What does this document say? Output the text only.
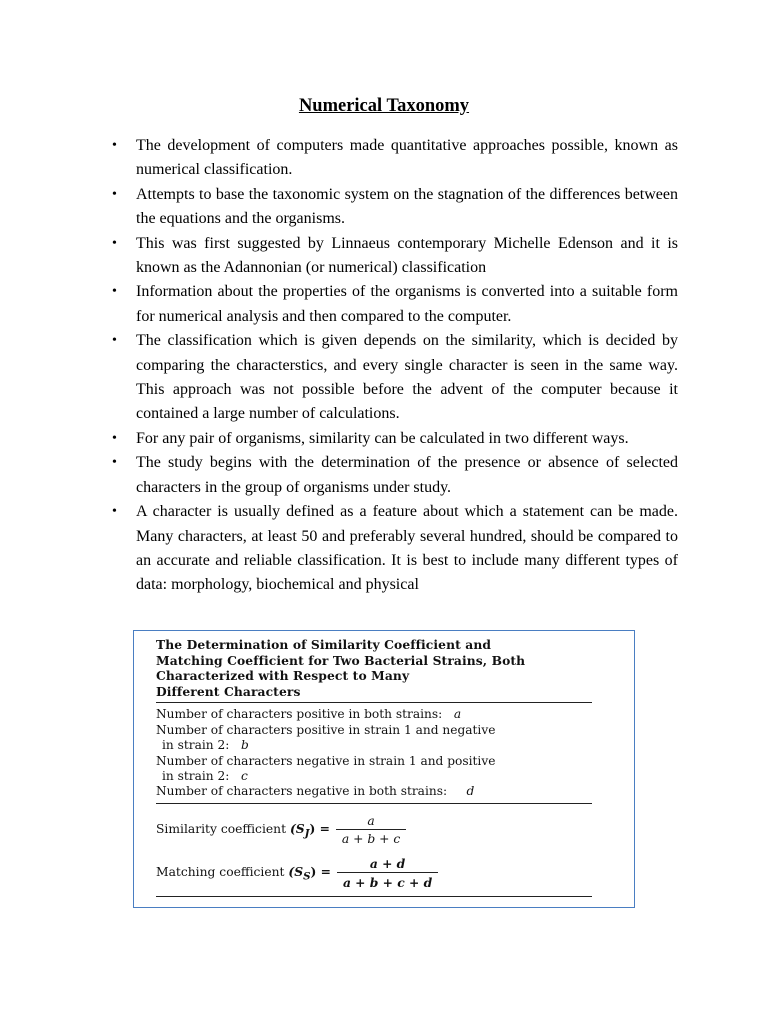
Numerical Taxonomy
• The development of computers made quantitative approaches possible, known as numerical classification.
• Attempts to base the taxonomic system on the stagnation of the differences between the equations and the organisms.
• This was first suggested by Linnaeus contemporary Michelle Edenson and it is known as the Adannonian (or numerical) classification
• Information about the properties of the organisms is converted into a suitable form for numerical analysis and then compared to the computer.
• The classification which is given depends on the similarity, which is decided by comparing the characterstics, and every single character is seen in the same way. This approach was not possible before the advent of the computer because it contained a large number of calculations.
• For any pair of organisms, similarity can be calculated in two different ways.
• The study begins with the determination of the presence or absence of selected characters in the group of organisms under study.
• A character is usually defined as a feature about which a statement can be made. Many characters, at least 50 and preferably several hundred, should be compared to an accurate and reliable classification. It is best to include many different types of data: morphology, biochemical and physical
The Determination of Similarity Coefficient and
Matching Coefficient for Two Bacterial Strains, Both
Characterized with Respect to Many
Different Characters
Number of characters positive in both strains: a
Number of characters positive in strain 1 and negative
in strain 2: b
Number of characters negative in strain 1 and positive
in strain 2: c
Number of characters negative in both strains: d
Similarity coefficient $(S_J) = \frac{a}{a + b + c}$
Matching coefficient $(S_S) = \frac{a + d}{a + b + c + d}$
